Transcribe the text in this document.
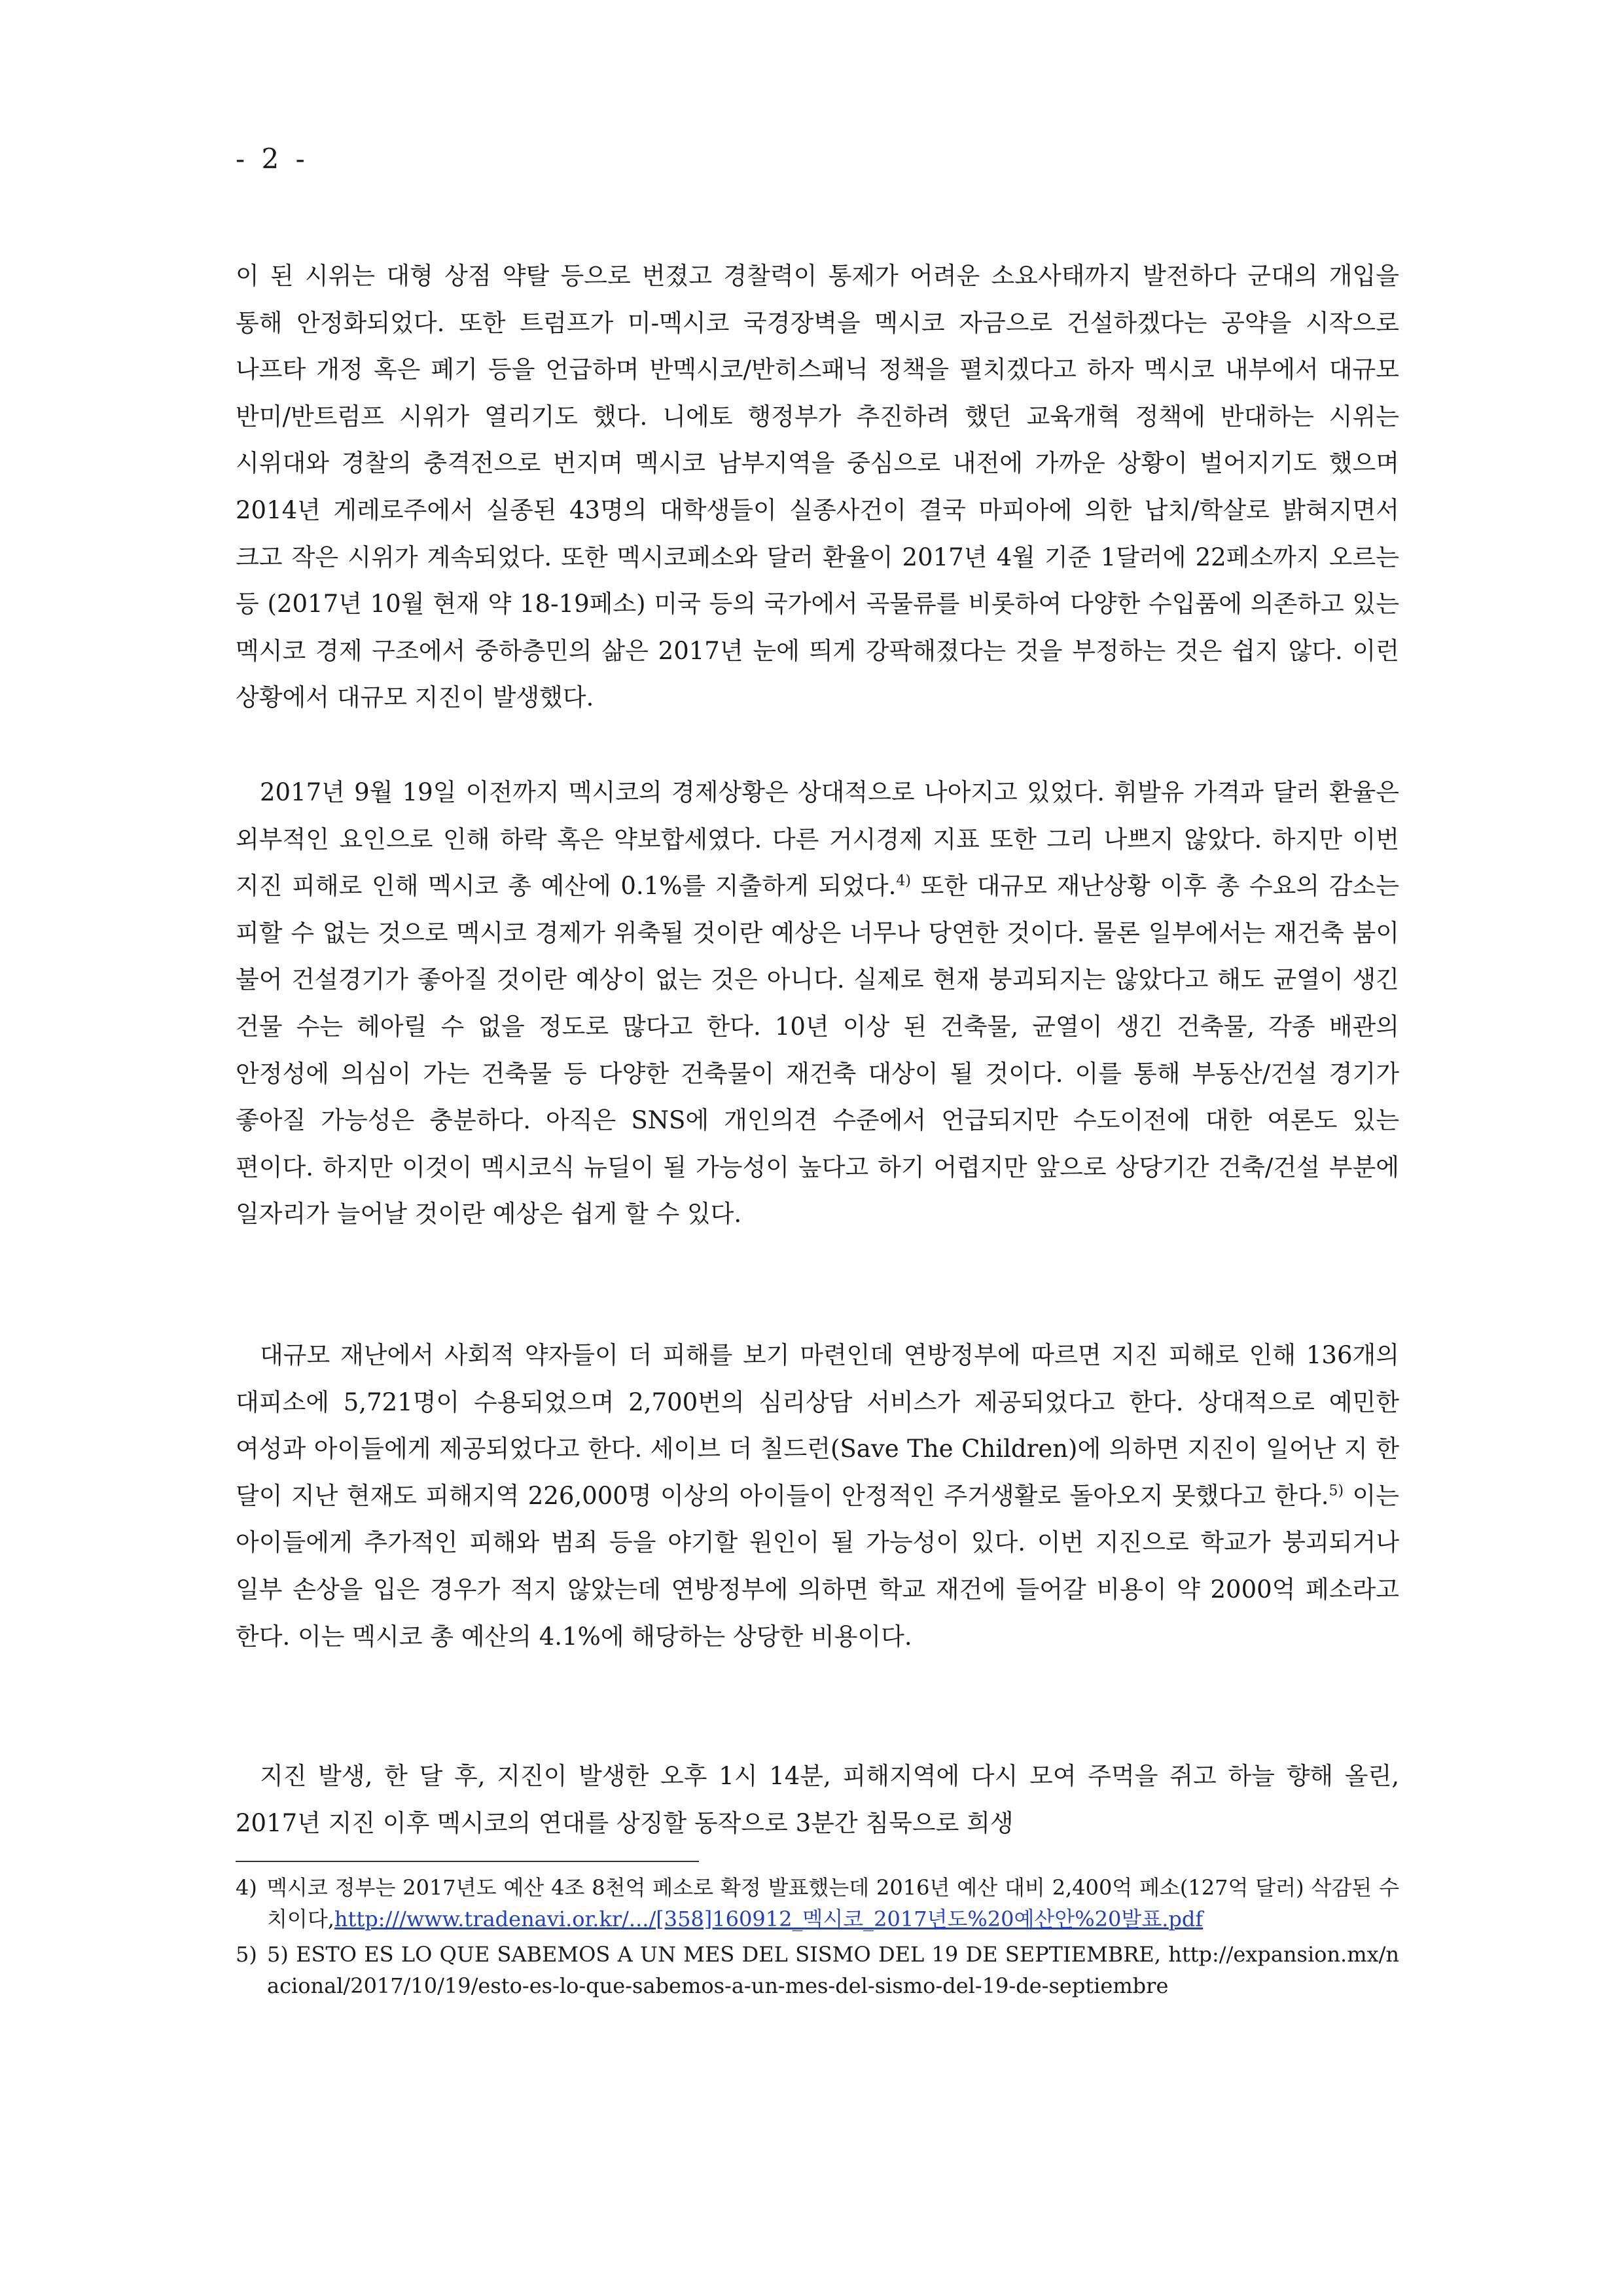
- 2 -

이 된 시위는 대형 상점 약탈 등으로 번졌고 경찰력이 통제가 어려운 소요사태까지 발전하다 군대의 개입을 통해 안정화되었다. 또한 트럼프가 미-멕시코 국경장벽을 멕시코 자금으로 건설하겠다는 공약을 시작으로 나프타 개정 혹은 폐기 등을 언급하며 반멕시코/반히스패닉 정책을 펼치겠다고 하자 멕시코 내부에서 대규모 반미/반트럼프 시위가 열리기도 했다. 니에토 행정부가 추진하려 했던 교육개혁 정책에 반대하는 시위는 시위대와 경찰의 충격전으로 번지며 멕시코 남부지역을 중심으로 내전에 가까운 상황이 벌어지기도 했으며 2014년 게레로주에서 실종된 43명의 대학생들이 실종사건이 결국 마피아에 의한 납치/학살로 밝혀지면서 크고 작은 시위가 계속되었다. 또한 멕시코페소와 달러 환율이 2017년 4월 기준 1달러에 22페소까지 오르는 등 (2017년 10월 현재 약 18-19페소) 미국 등의 국가에서 곡물류를 비롯하여 다양한 수입품에 의존하고 있는 멕시코 경제 구조에서 중하층민의 삶은 2017년 눈에 띄게 강팍해졌다는 것을 부정하는 것은 쉽지 않다. 이런 상황에서 대규모 지진이 발생했다.

2017년 9월 19일 이전까지 멕시코의 경제상황은 상대적으로 나아지고 있었다. 휘발유 가격과 달러 환율은 외부적인 요인으로 인해 하락 혹은 약보합세였다. 다른 거시경제 지표 또한 그리 나쁘지 않았다. 하지만 이번 지진 피해로 인해 멕시코 총 예산에 0.1%를 지출하게 되었다.$^{4)}$ 또한 대규모 재난상황 이후 총 수요의 감소는 피할 수 없는 것으로 멕시코 경제가 위축될 것이란 예상은 너무나 당연한 것이다. 물론 일부에서는 재건축 붐이 불어 건설경기가 좋아질 것이란 예상이 없는 것은 아니다. 실제로 현재 붕괴되지는 않았다고 해도 균열이 생긴 건물 수는 헤아릴 수 없을 정도로 많다고 한다. 10년 이상 된 건축물, 균열이 생긴 건축물, 각종 배관의 안정성에 의심이 가는 건축물 등 다양한 건축물이 재건축 대상이 될 것이다. 이를 통해 부동산/건설 경기가 좋아질 가능성은 충분하다. 아직은 SNS에 개인의견 수준에서 언급되지만 수도이전에 대한 여론도 있는 편이다. 하지만 이것이 멕시코식 뉴딜이 될 가능성이 높다고 하기 어렵지만 앞으로 상당기간 건축/건설 부분에 일자리가 늘어날 것이란 예상은 쉽게 할 수 있다.

대규모 재난에서 사회적 약자들이 더 피해를 보기 마련인데 연방정부에 따르면 지진 피해로 인해 136개의 대피소에 5,721명이 수용되었으며 2,700번의 심리상담 서비스가 제공되었다고 한다. 상대적으로 예민한 여성과 아이들에게 제공되었다고 한다. 세이브 더 칠드런(Save The Children)에 의하면 지진이 일어난 지 한 달이 지난 현재도 피해지역 226,000명 이상의 아이들이 안정적인 주거생활로 돌아오지 못했다고 한다.$^{5)}$ 이는 아이들에게 추가적인 피해와 범죄 등을 야기할 원인이 될 가능성이 있다. 이번 지진으로 학교가 붕괴되거나 일부 손상을 입은 경우가 적지 않았는데 연방정부에 의하면 학교 재건에 들어갈 비용이 약 2000억 페소라고 한다. 이는 멕시코 총 예산의 4.1%에 해당하는 상당한 비용이다.

지진 발생, 한 달 후, 지진이 발생한 오후 1시 14분, 피해지역에 다시 모여 주먹을 쥐고 하늘 향해 올린, 2017년 지진 이후 멕시코의 연대를 상징할 동작으로 3분간 침묵으로 희생

4) 멕시코 정부는 2017년도 예산 4조 8천억 페소로 확정 발표했는데 2016년 예산 대비 2,400억 페소(127억 달러) 삭감된 수치이다,http:///www.tradenavi.or.kr/.../[358]160912_멕시코_2017년도%20예산안%20발표.pdf
5) 5) ESTO ES LO QUE SABEMOS A UN MES DEL SISMO DEL 19 DE SEPTIEMBRE, http://expansion.mx/nacional/2017/10/19/esto-es-lo-que-sabemos-a-un-mes-del-sismo-del-19-de-septiembre
